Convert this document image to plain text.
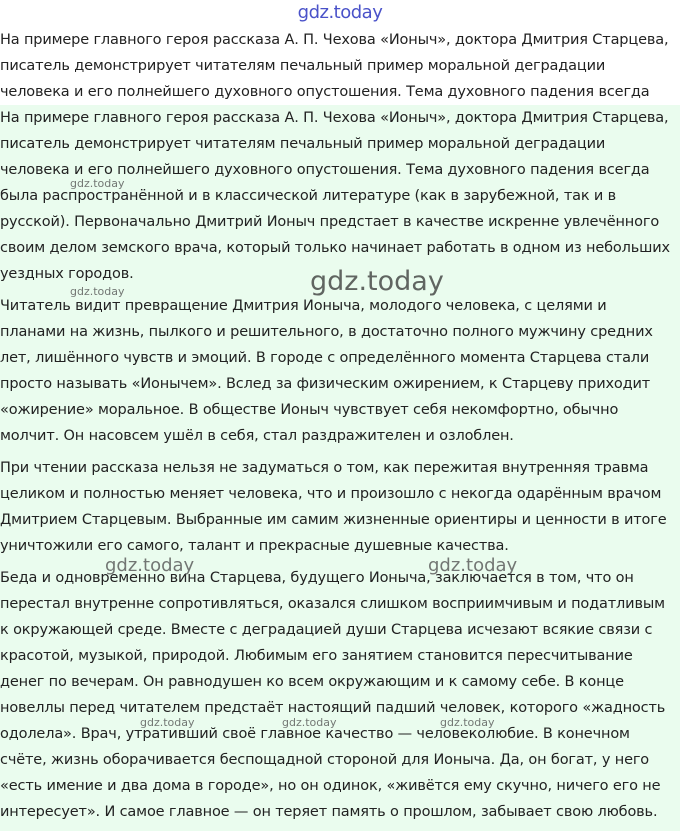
gdz.today

На примере главного героя рассказа А. П. Чехова «Ионыч», доктора Дмитрия Старцева, писатель демонстрирует читателям печальный пример моральной деградации человека и его полнейшего духовного опустошения. Тема духовного падения всегда

На примере главного героя рассказа А. П. Чехова «Ионыч», доктора Дмитрия Старцева, писатель демонстрирует читателям печальный пример моральной деградации человека и его полнейшего духовного опустошения. Тема духовного падения всегда была распространённой и в классической литературе (как в зарубежной, так и в русской). Первоначально Дмитрий Ионыч предстает в качестве искренне увлечённого своим делом земского врача, который только начинает работать в одном из небольших уездных городов.

Читатель видит превращение Дмитрия Ионыча, молодого человека, с целями и планами на жизнь, пылкого и решительного, в достаточно полного мужчину средних лет, лишённого чувств и эмоций. В городе с определённого момента Старцева стали просто называть «Ионычем». Вслед за физическим ожирением, к Старцеву приходит «ожирение» моральное. В обществе Ионыч чувствует себя некомфортно, обычно молчит. Он насовсем ушёл в себя, стал раздражителен и озлоблен.

При чтении рассказа нельзя не задуматься о том, как пережитая внутренняя травма целиком и полностью меняет человека, что и произошло с некогда одарённым врачом Дмитрием Старцевым. Выбранные им самим жизненные ориентиры и ценности в итоге уничтожили его самого, талант и прекрасные душевные качества.

Беда и одновременно вина Старцева, будущего Ионыча, заключается в том, что он перестал внутренне сопротивляться, оказался слишком восприимчивым и податливым к окружающей среде. Вместе с деградацией души Старцева исчезают всякие связи с красотой, музыкой, природой. Любимым его занятием становится пересчитывание денег по вечерам. Он равнодушен ко всем окружающим и к самому себе. В конце новеллы перед читателем предстаёт настоящий падший человек, которого «жадность одолела». Врач, утративший своё главное качество — человеколюбие. В конечном счёте, жизнь оборачивается беспощадной стороной для Ионыча. Да, он богат, у него «есть имение и два дома в городе», но он одинок, «живётся ему скучно, ничего его не интересует». И самое главное — он теряет память о прошлом, забывает свою любовь.

gdz.today
gdz.today	gdz.today
gdz.today	gdz.today
gdz.today	gdz.today	gdz.today
